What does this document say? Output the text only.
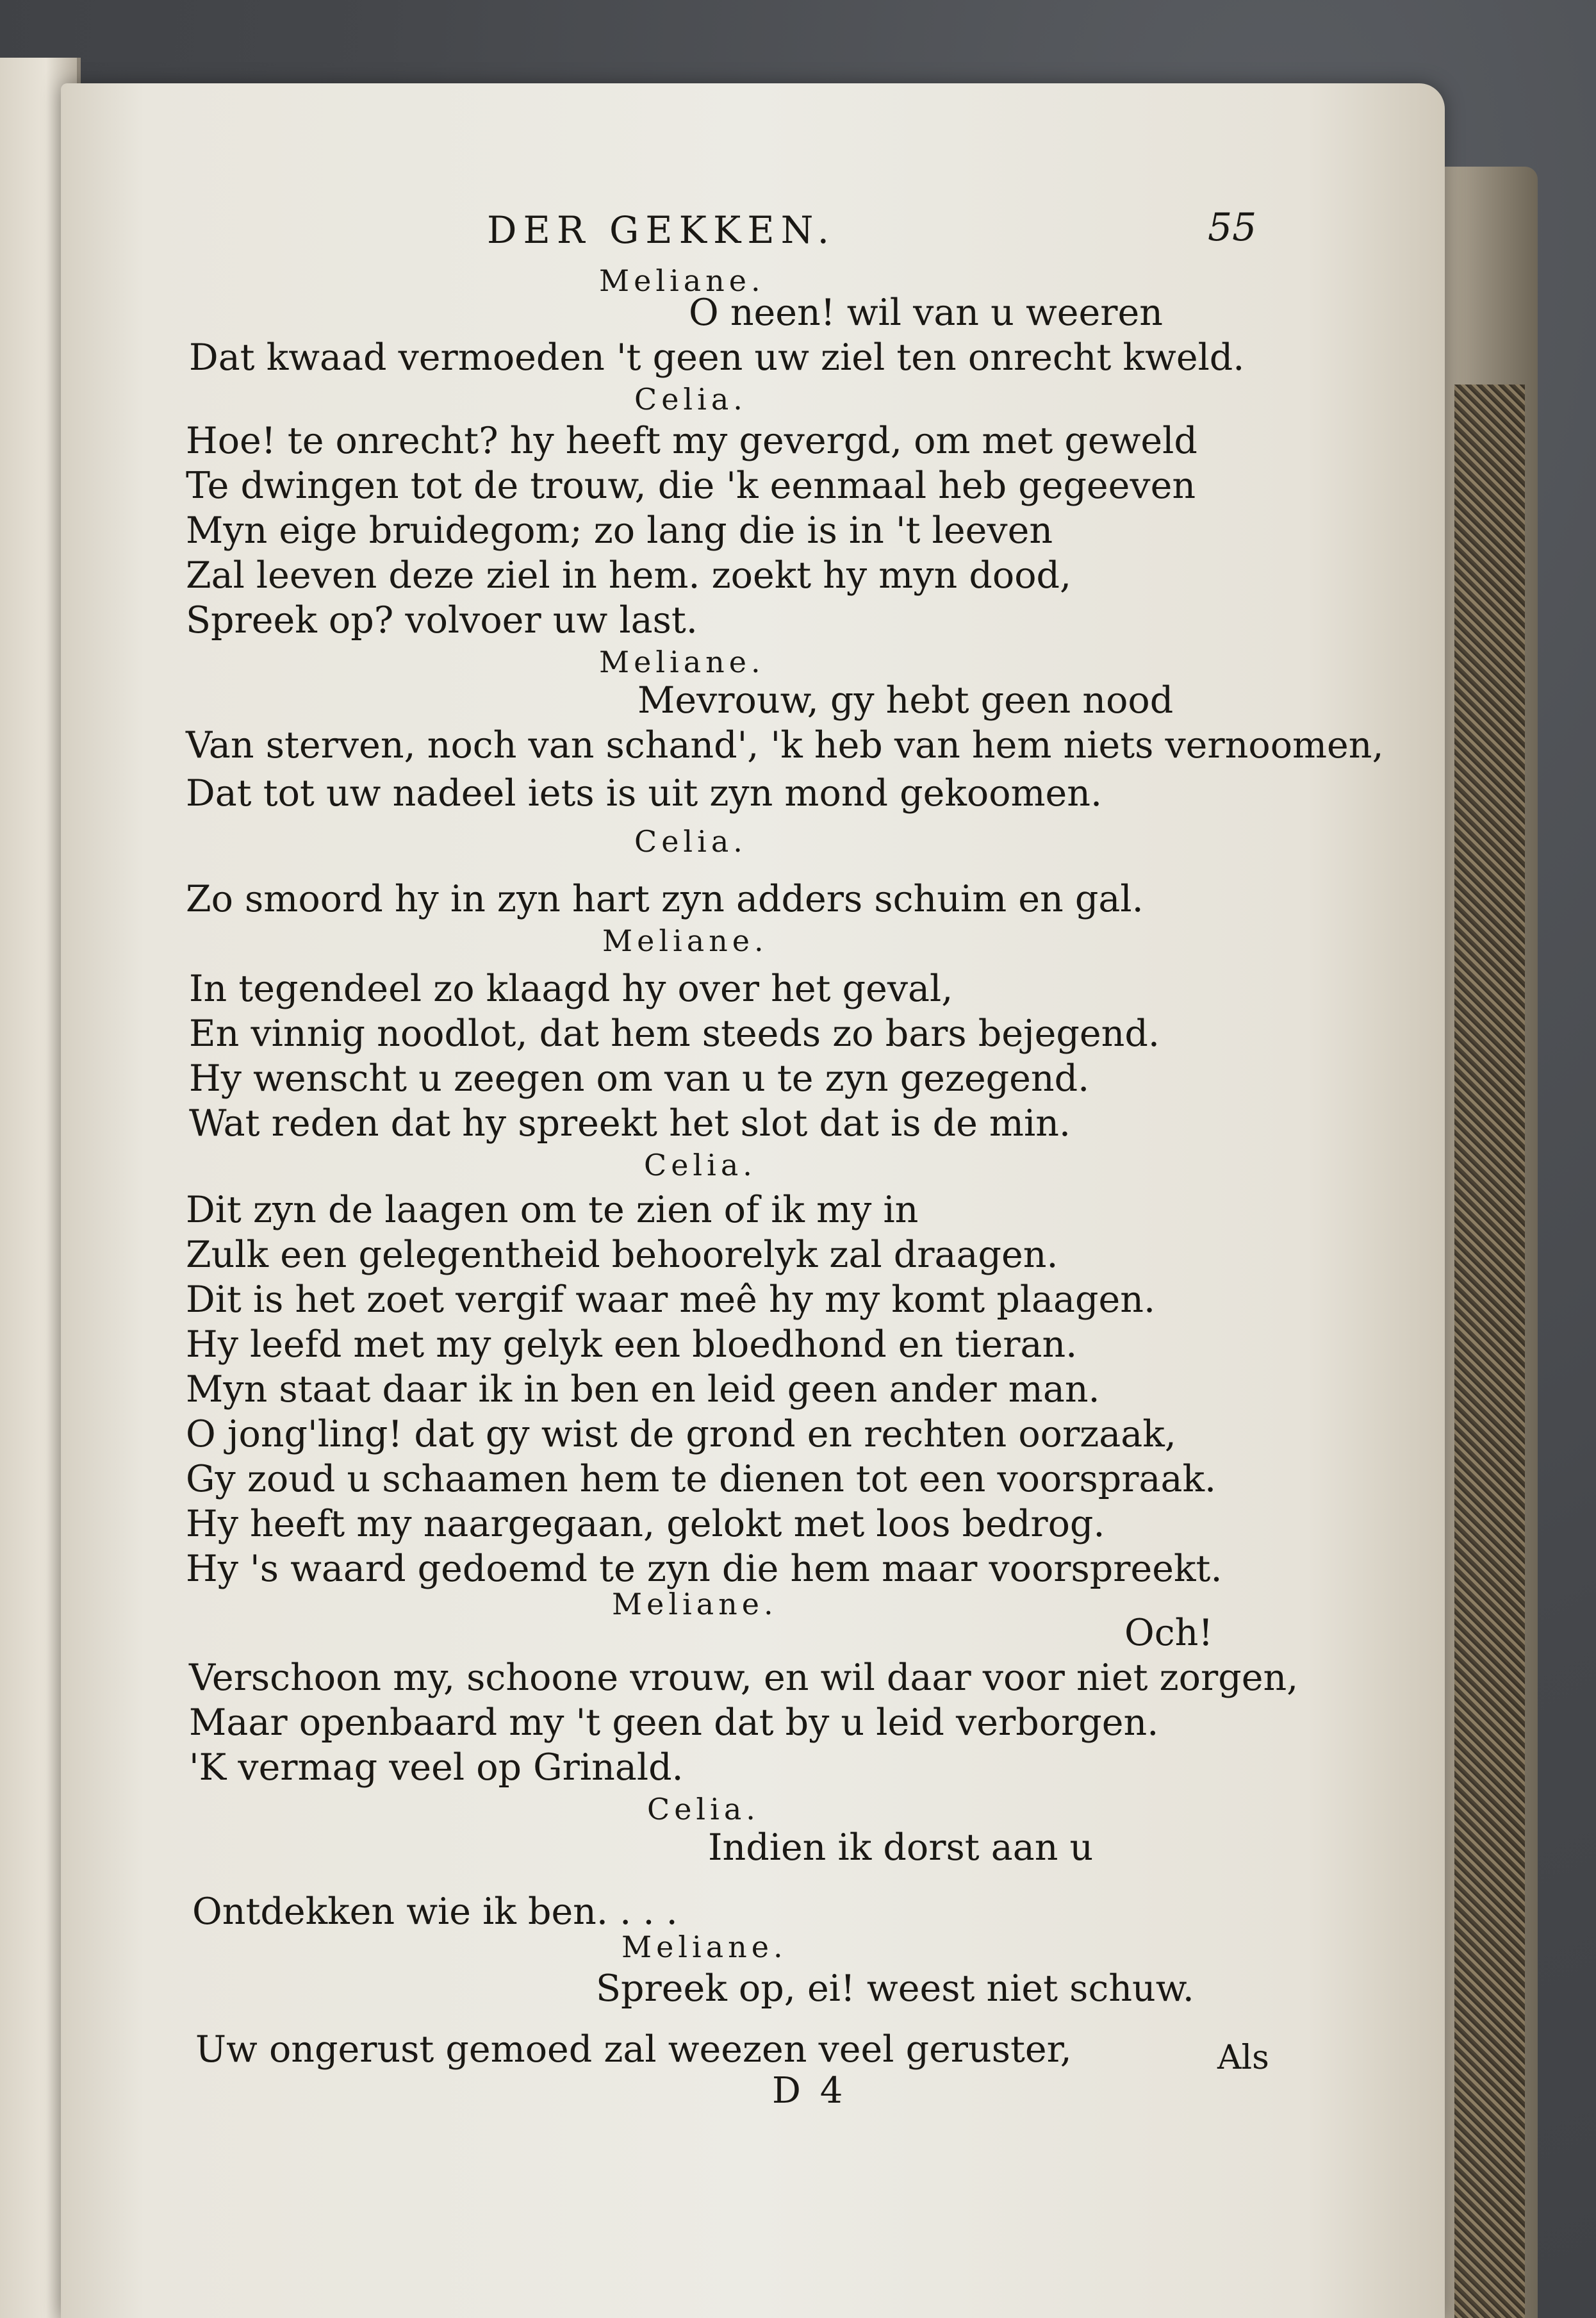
DER GEKKEN.	55
Meliane.
O neen! wil van u weeren
Dat kwaad vermoeden 't geen uw ziel ten onrecht kweld.
Celia.
Hoe! te onrecht? hy heeft my gevergd, om met geweld
Te dwingen tot de trouw, die 'k eenmaal heb gegeeven
Myn eige bruidegom; zo lang die is in 't leeven
Zal leeven deze ziel in hem. zoekt hy myn dood,
Spreek op? volvoer uw last.
Meliane.
Mevrouw, gy hebt geen nood
Van sterven, noch van schand', 'k heb van hem niets vernoomen,
Dat tot uw nadeel iets is uit zyn mond gekoomen.
Celia.
Zo smoord hy in zyn hart zyn adders schuim en gal.
Meliane.
In tegendeel zo klaagd hy over het geval,
En vinnig noodlot, dat hem steeds zo bars bejegend.
Hy wenscht u zeegen om van u te zyn gezegend.
Wat reden dat hy spreekt het slot dat is de min.
Celia.
Dit zyn de laagen om te zien of ik my in
Zulk een gelegentheid behoorelyk zal draagen.
Dit is het zoet vergif waar meê hy my komt plaagen.
Hy leefd met my gelyk een bloedhond en tieran.
Myn staat daar ik in ben en leid geen ander man.
O jong'ling! dat gy wist de grond en rechten oorzaak,
Gy zoud u schaamen hem te dienen tot een voorspraak.
Hy heeft my naargegaan, gelokt met loos bedrog.
Hy 's waard gedoemd te zyn die hem maar voorspreekt.
Meliane.
Och!
Verschoon my, schoone vrouw, en wil daar voor niet zorgen,
Maar openbaard my 't geen dat by u leid verborgen.
'K vermag veel op Grinald.
Celia.
Indien ik dorst aan u
Ontdekken wie ik ben. . . .
Meliane.
Spreek op, ei! weest niet schuw.
Uw ongerust gemoed zal weezen veel geruster,
D 4
Als
